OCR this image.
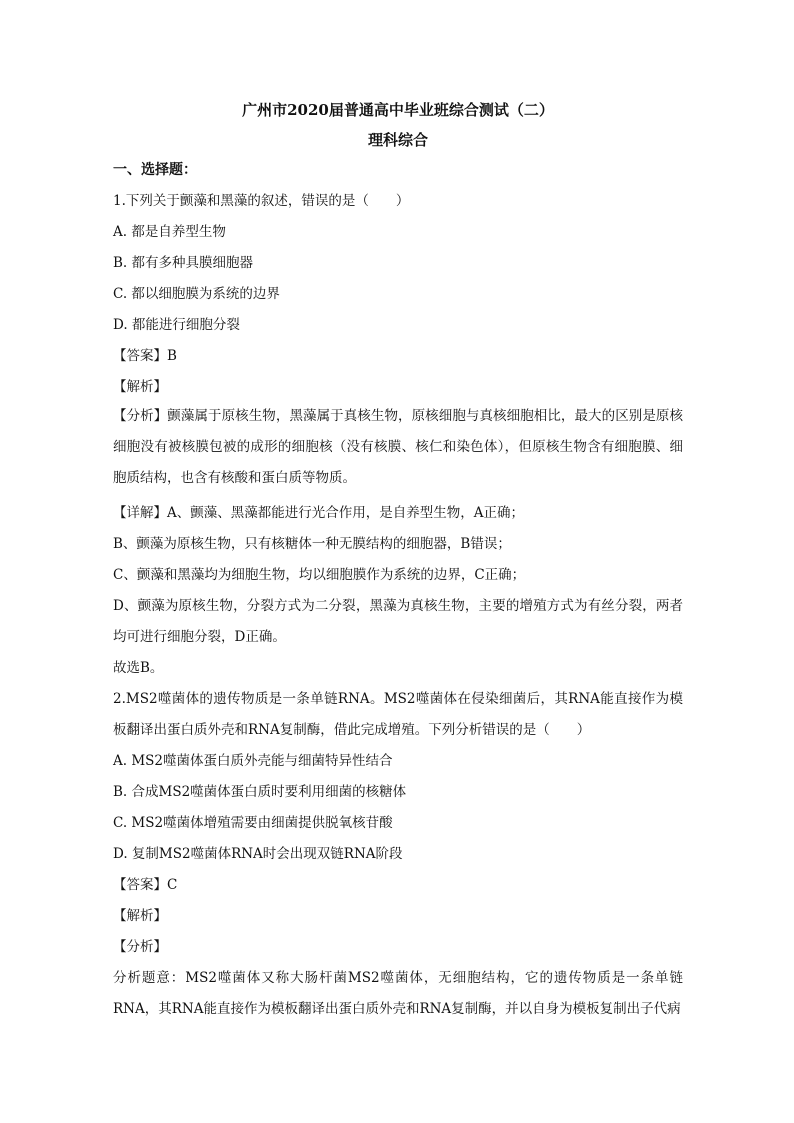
广州市2020届普通高中毕业班综合测试（二）
理科综合
一、选择题：
1.下列关于颤藻和黑藻的叙述，错误的是（　　）
A. 都是自养型生物
B. 都有多种具膜细胞器
C. 都以细胞膜为系统的边界
D. 都能进行细胞分裂
【答案】B
【解析】
【分析】颤藻属于原核生物，黑藻属于真核生物，原核细胞与真核细胞相比，最大的区别是原核细胞没有被核膜包被的成形的细胞核（没有核膜、核仁和染色体），但原核生物含有细胞膜、细胞质结构，也含有核酸和蛋白质等物质。
【详解】A、颤藻、黑藻都能进行光合作用，是自养型生物，A正确；
B、颤藻为原核生物，只有核糖体一种无膜结构的细胞器，B错误；
C、颤藻和黑藻均为细胞生物，均以细胞膜作为系统的边界，C正确；
D、颤藻为原核生物，分裂方式为二分裂，黑藻为真核生物，主要的增殖方式为有丝分裂，两者均可进行细胞分裂，D正确。
故选B。
2.MS2噬菌体的遗传物质是一条单链RNA。MS2噬菌体在侵染细菌后，其RNA能直接作为模板翻译出蛋白质外壳和RNA复制酶，借此完成增殖。下列分析错误的是（　　）
A. MS2噬菌体蛋白质外壳能与细菌特异性结合
B. 合成MS2噬菌体蛋白质时要利用细菌的核糖体
C. MS2噬菌体增殖需要由细菌提供脱氧核苷酸
D. 复制MS2噬菌体RNA时会出现双链RNA阶段
【答案】C
【解析】
【分析】
分析题意：MS2噬菌体又称大肠杆菌MS2噬菌体，无细胞结构，它的遗传物质是一条单链RNA，其RNA能直接作为模板翻译出蛋白质外壳和RNA复制酶，并以自身为模板复制出子代病
